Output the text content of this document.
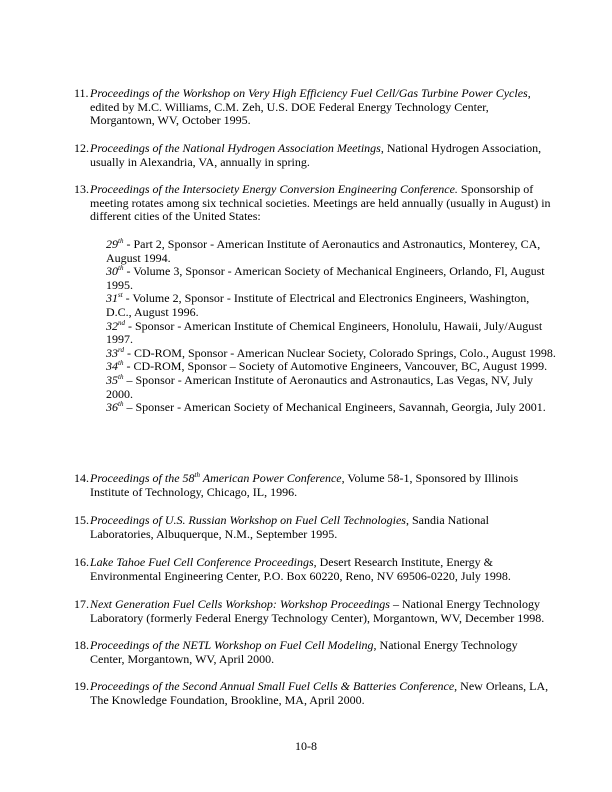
11. Proceedings of the Workshop on Very High Efficiency Fuel Cell/Gas Turbine Power Cycles, edited by M.C. Williams, C.M. Zeh, U.S. DOE Federal Energy Technology Center, Morgantown, WV, October 1995.
12. Proceedings of the National Hydrogen Association Meetings, National Hydrogen Association, usually in Alexandria, VA, annually in spring.
13. Proceedings of the Intersociety Energy Conversion Engineering Conference. Sponsorship of meeting rotates among six technical societies. Meetings are held annually (usually in August) in different cities of the United States:
29th - Part 2, Sponsor - American Institute of Aeronautics and Astronautics, Monterey, CA, August 1994.
30th - Volume 3, Sponsor - American Society of Mechanical Engineers, Orlando, Fl, August 1995.
31st - Volume 2, Sponsor - Institute of Electrical and Electronics Engineers, Washington, D.C., August 1996.
32nd - Sponsor - American Institute of Chemical Engineers, Honolulu, Hawaii, July/August 1997.
33rd - CD-ROM, Sponsor - American Nuclear Society, Colorado Springs, Colo., August 1998.
34th - CD-ROM, Sponsor – Society of Automotive Engineers, Vancouver, BC, August 1999.
35th – Sponsor - American Institute of Aeronautics and Astronautics, Las Vegas, NV, July 2000.
36th – Sponser - American Society of Mechanical Engineers, Savannah, Georgia, July 2001.
14. Proceedings of the 58th American Power Conference, Volume 58-1, Sponsored by Illinois Institute of Technology, Chicago, IL, 1996.
15. Proceedings of U.S. Russian Workshop on Fuel Cell Technologies, Sandia National Laboratories, Albuquerque, N.M., September 1995.
16. Lake Tahoe Fuel Cell Conference Proceedings, Desert Research Institute, Energy & Environmental Engineering Center, P.O. Box 60220, Reno, NV 69506-0220, July 1998.
17. Next Generation Fuel Cells Workshop: Workshop Proceedings – National Energy Technology Laboratory (formerly Federal Energy Technology Center), Morgantown, WV, December 1998.
18. Proceedings of the NETL Workshop on Fuel Cell Modeling, National Energy Technology Center, Morgantown, WV, April 2000.
19. Proceedings of the Second Annual Small Fuel Cells & Batteries Conference, New Orleans, LA, The Knowledge Foundation, Brookline, MA, April 2000.
10-8
